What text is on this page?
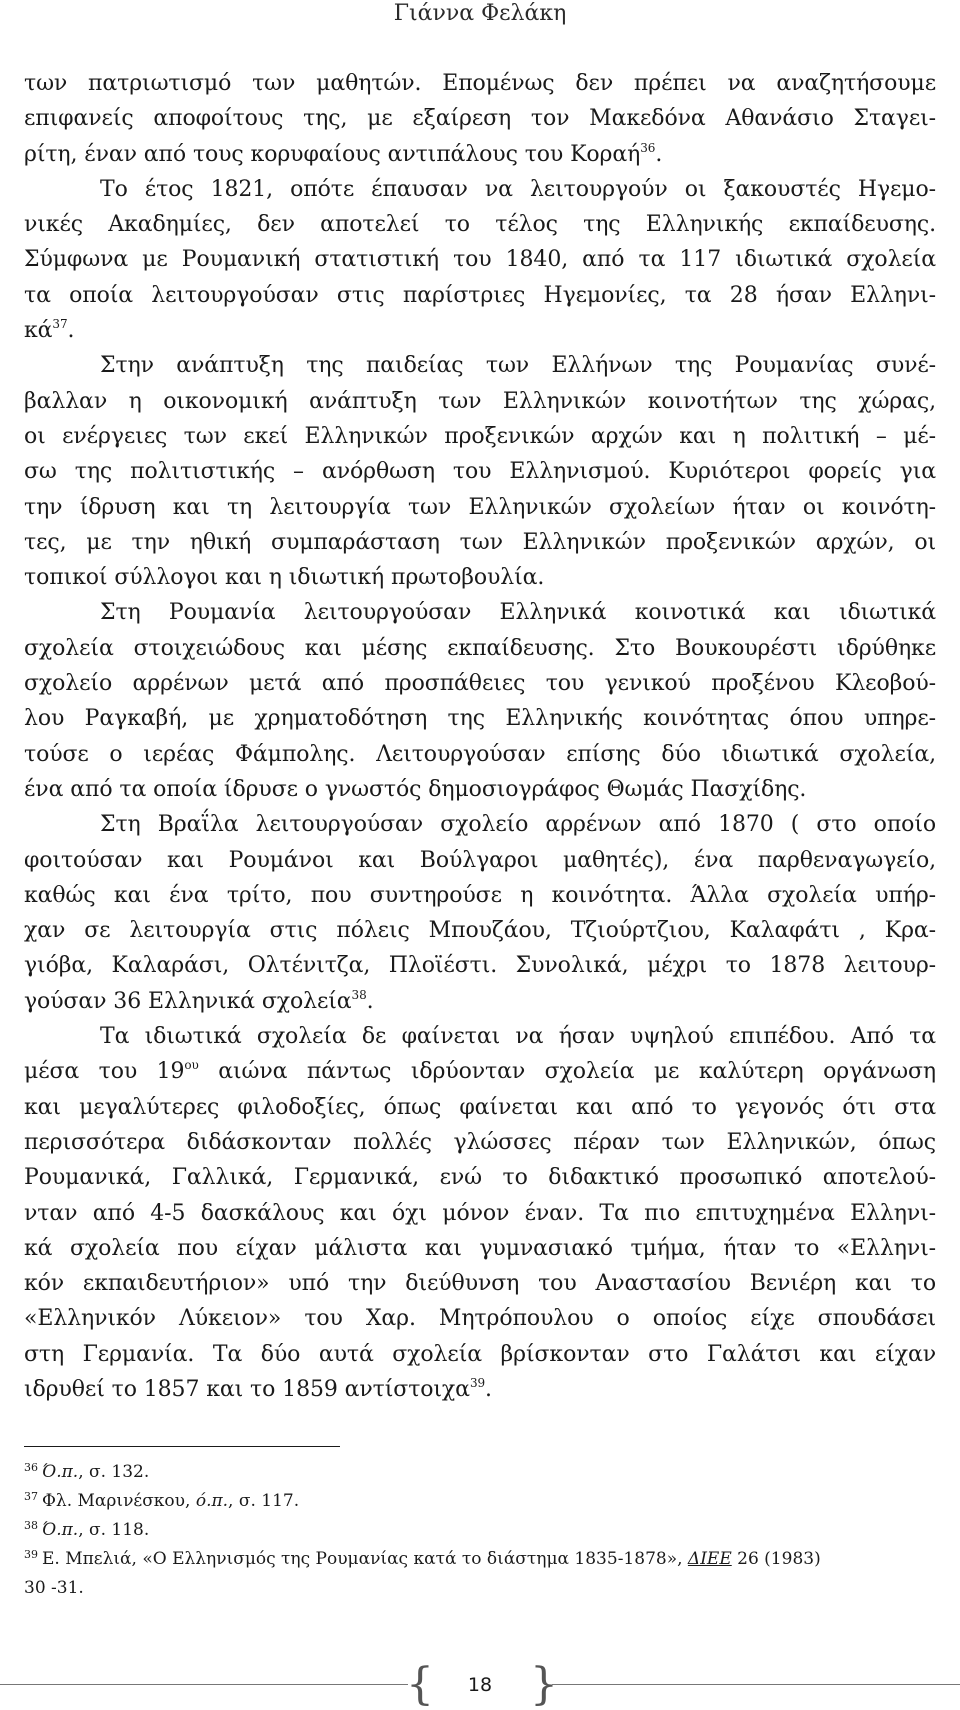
Γιάννα Φελάκη
των πατριωτισμό των μαθητών. Επομένως δεν πρέπει να αναζητήσουμε
επιφανείς αποφοίτους της, με εξαίρεση τον Μακεδόνα Αθανάσιο Σταγει-
ρίτη, έναν από τους κορυφαίους αντιπάλους του Κοραή$^{36}$.
Το έτος 1821, οπότε έπαυσαν να λειτουργούν οι ξακουστές Ηγεμο-
νικές Ακαδημίες, δεν αποτελεί το τέλος της Ελληνικής εκπαίδευσης.
Σύμφωνα με Ρουμανική στατιστική του 1840, από τα 117 ιδιωτικά σχολεία
τα οποία λειτουργούσαν στις παρίστριες Ηγεμονίες, τα 28 ήσαν Ελληνι-
$\kappa ά^{37}$.
Στην ανάπτυξη της παιδείας των Ελλήνων της Ρουμανίας συνέ-
βαλλαν η οικονομική ανάπτυξη των Ελληνικών κοινοτήτων της χώρας,
οι ενέργειες των εκεί Ελληνικών προξενικών αρχών και η πολιτική – μέ-
σω της πολιτιστικής – ανόρθωση του Ελληνισμού. Κυριότεροι φορείς για
την ίδρυση και τη λειτουργία των Ελληνικών σχολείων ήταν οι κοινότη-
τες, με την ηθική συμπαράσταση των Ελληνικών προξενικών αρχών, οι
τοπικοί σύλλογοι και η ιδιωτική πρωτοβουλία.
Στη Ρουμανία λειτουργούσαν Ελληνικά κοινοτικά και ιδιωτικά
σχολεία στοιχειώδους και μέσης εκπαίδευσης. Στο Βουκουρέστι ιδρύθηκε
σχολείο αρρένων μετά από προσπάθειες του γενικού προξένου Κλεοβού-
λου Ραγκαβή, με χρηματοδότηση της Ελληνικής κοινότητας όπου υπηρε-
τούσε ο ιερέας Φάμπολης. Λειτουργούσαν επίσης δύο ιδιωτικά σχολεία,
ένα από τα οποία ίδρυσε ο γνωστός δημοσιογράφος Θωμάς Πασχίδης.
Στη Βραΐλα λειτουργούσαν σχολείο αρρένων από 1870 ( στο οποίο
φοιτούσαν και Ρουμάνοι και Βούλγαροι μαθητές), ένα παρθεναγωγείο,
καθώς και ένα τρίτο, που συντηρούσε η κοινότητα. Άλλα σχολεία υπήρ-
χαν σε λειτουργία στις πόλεις Μπουζάου, Τζιούρτζιου, Καλαφάτι , Κρα-
γιόβα, Καλαράσι, Ολτένιτζα, Πλοϊέστι. Συνολικά, μέχρι το 1878 λειτουρ-
γούσαν 36 Ελληνικά σχολεία$^{38}$.
Τα ιδιωτικά σχολεία δε φαίνεται να ήσαν υψηλού επιπέδου. Από τα
μέσα του $19^{o\upsilon}$ αιώνα πάντως ιδρύονταν σχολεία με καλύτερη οργάνωση
και μεγαλύτερες φιλοδοξίες, όπως φαίνεται και από το γεγονός ότι στα
περισσότερα διδάσκονταν πολλές γλώσσες πέραν των Ελληνικών, όπως
Ρουμανικά, Γαλλικά, Γερμανικά, ενώ το διδακτικό προσωπικό αποτελού-
νταν από 4-5 δασκάλους και όχι μόνον έναν. Τα πιο επιτυχημένα Ελληνι-
κά σχολεία που είχαν μάλιστα και γυμνασιακό τμήμα, ήταν το «Ελληνι-
κόν εκπαιδευτήριον» υπό την διεύθυνση του Αναστασίου Βενιέρη και το
«Ελληνικόν Λύκειον» του Χαρ. Μητρόπουλου ο οποίος είχε σπουδάσει
στη Γερμανία. Τα δύο αυτά σχολεία βρίσκονταν στο Γαλάτσι και είχαν
ιδρυθεί το 1857 και το 1859 αντίστοιχα$^{39}$.
$^{36}$ Ό.π., σ. 132.
$^{37}$ Φλ. Μαρινέσκου, ό.π., σ. 117.
$^{38}$ Ό.π., σ. 118.
$^{39}$ Ε. Μπελιά, «Ο Ελληνισμός της Ρουμανίας κατά το διάστημα 1835-1878», ΔΙΕΕ 26 (1983)
30 -31.
{	18 }
